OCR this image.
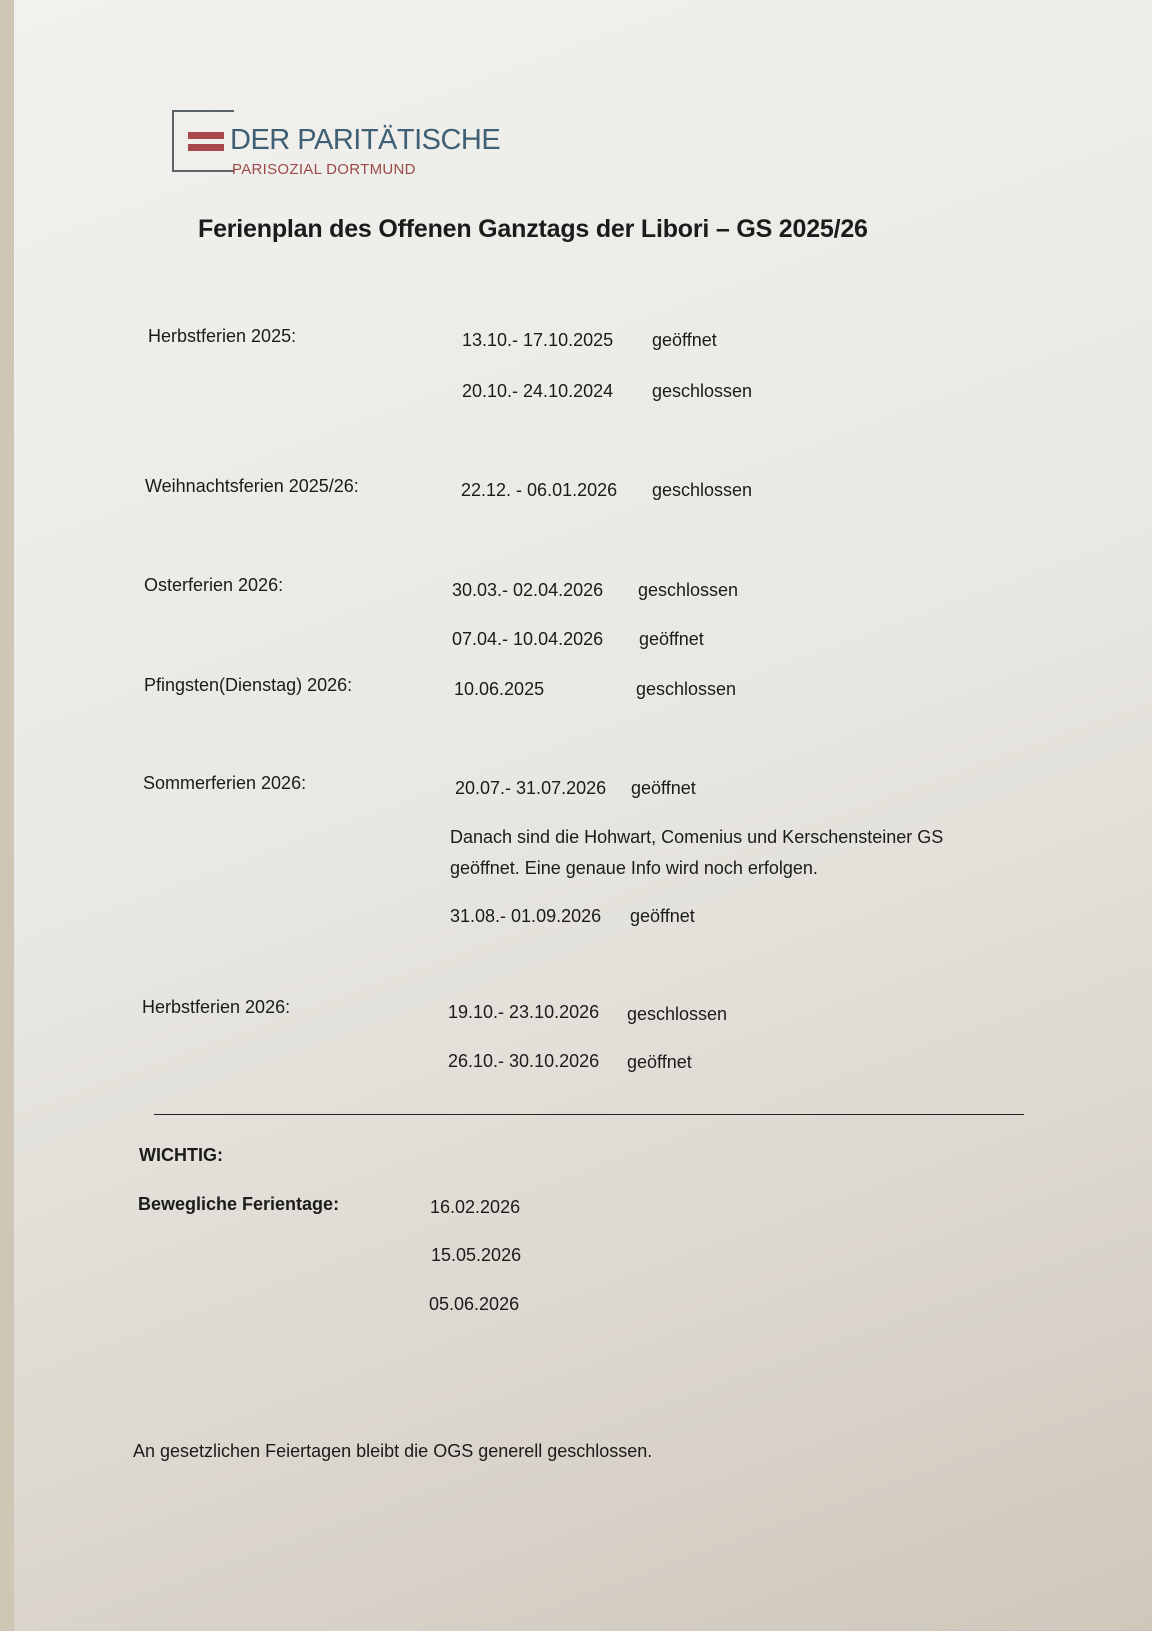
DER PARITÄTISCHE
PARISOZIAL DORTMUND
Ferienplan des Offenen Ganztags der Libori – GS 2025/26
Herbstferien 2025:	13.10.- 17.10.2025 geöffnet
20.10.- 24.10.2024 geschlossen
Weihnachtsferien 2025/26:	22.12. - 06.01.2026 geschlossen
Osterferien 2026:	30.03.- 02.04.2026 geschlossen
07.04.- 10.04.2026 geöffnet
Pfingsten(Dienstag) 2026:	10.06.2025	geschlossen
Sommerferien 2026:	20.07.- 31.07.2026 geöffnet
Danach sind die Hohwart, Comenius und Kerschensteiner GS
geöffnet. Eine genaue Info wird noch erfolgen.
31.08.- 01.09.2026 geöffnet
Herbstferien 2026:	19.10.- 23.10.2026 geschlossen
26.10.- 30.10.2026 geöffnet
WICHTIG:
Bewegliche Ferientage:	16.02.2026
15.05.2026
05.06.2026
An gesetzlichen Feiertagen bleibt die OGS generell geschlossen.
